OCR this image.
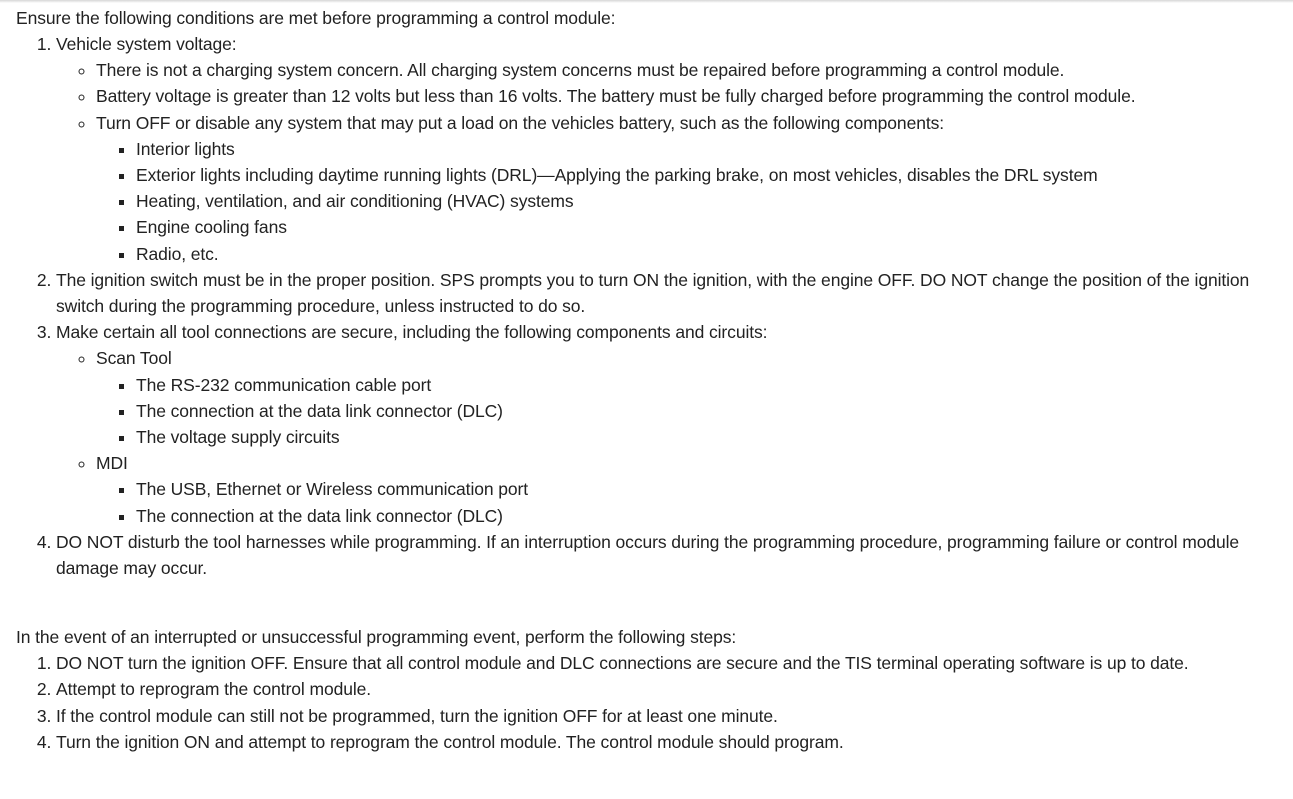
Ensure the following conditions are met before programming a control module:

1. Vehicle system voltage:
◦ There is not a charging system concern. All charging system concerns must be repaired before programming a control module.
◦ Battery voltage is greater than 12 volts but less than 16 volts. The battery must be fully charged before programming the control module.
◦ Turn OFF or disable any system that may put a load on the vehicles battery, such as the following components:
▪ Interior lights
▪ Exterior lights including daytime running lights (DRL)—Applying the parking brake, on most vehicles, disables the DRL system
▪ Heating, ventilation, and air conditioning (HVAC) systems
▪ Engine cooling fans
▪ Radio, etc.
2. The ignition switch must be in the proper position. SPS prompts you to turn ON the ignition, with the engine OFF. DO NOT change the position of the ignition switch during the programming procedure, unless instructed to do so.
3. Make certain all tool connections are secure, including the following components and circuits:
◦ Scan Tool
▪ The RS-232 communication cable port
▪ The connection at the data link connector (DLC)
▪ The voltage supply circuits
◦ MDI
▪ The USB, Ethernet or Wireless communication port
▪ The connection at the data link connector (DLC)
4. DO NOT disturb the tool harnesses while programming. If an interruption occurs during the programming procedure, programming failure or control module damage may occur.

In the event of an interrupted or unsuccessful programming event, perform the following steps:

1. DO NOT turn the ignition OFF. Ensure that all control module and DLC connections are secure and the TIS terminal operating software is up to date.
2. Attempt to reprogram the control module.
3. If the control module can still not be programmed, turn the ignition OFF for at least one minute.
4. Turn the ignition ON and attempt to reprogram the control module. The control module should program.
